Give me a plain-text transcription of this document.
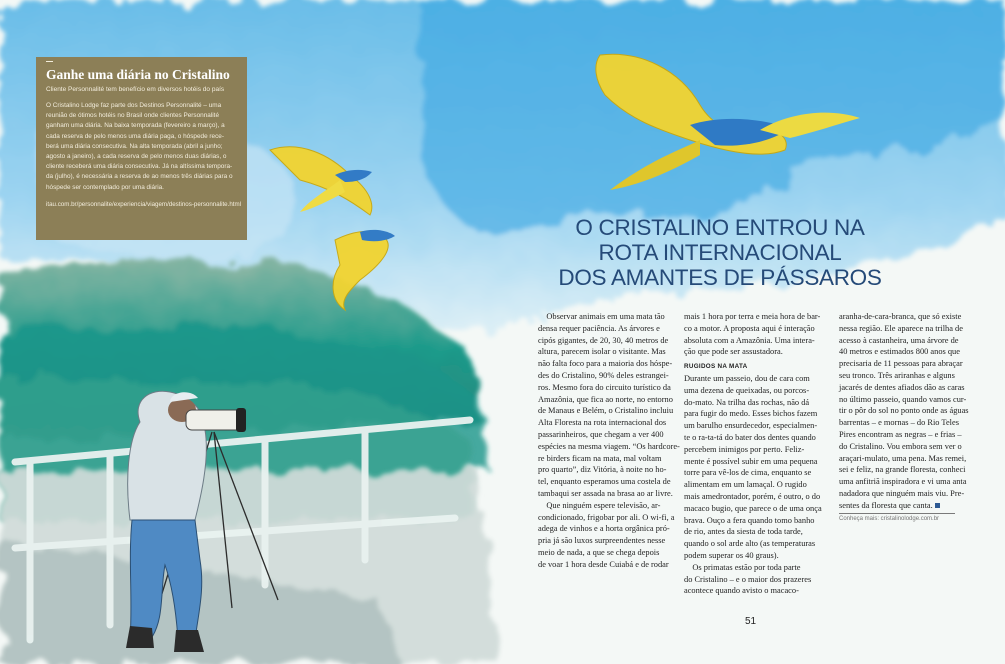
Ganhe uma diária no Cristalino
Cliente Personnalité tem benefício em diversos hotéis do país
O Cristalino Lodge faz parte dos Destinos Personnalité – uma
reunião de ótimos hotéis no Brasil onde clientes Personnalité
ganham uma diária. Na baixa temporada (fevereiro a março), a
cada reserva de pelo menos uma diária paga, o hóspede rece-
berá uma diária consecutiva. Na alta temporada (abril a junho;
agosto a janeiro), a cada reserva de pelo menos duas diárias, o
cliente receberá uma diária consecutiva. Já na altíssima tempora-
da (julho), é necessária a reserva de ao menos três diárias para o
hóspede ser contemplado por uma diária.
itau.com.br/personnalite/experiencia/viagem/destinos-personnalite.html
O CRISTALINO ENTROU NA
ROTA INTERNACIONAL
DOS AMANTES DE PÁSSAROS
Observar animais em uma mata tão
densa requer paciência. As árvores e
cipós gigantes, de 20, 30, 40 metros de
altura, parecem isolar o visitante. Mas
não falta foco para a maioria dos hóspe-
des do Cristalino, 90% deles estrangei-
ros. Mesmo fora do circuito turístico da
Amazônia, que fica ao norte, no entorno
de Manaus e Belém, o Cristalino incluiu
Alta Floresta na rota internacional dos
passarinheiros, que chegam a ver 400
espécies na mesma viagem. “Os hardcore-
re birders ficam na mata, mal voltam
pro quarto”, diz Vitória, à noite no ho-
tel, enquanto esperamos uma costela de
tambaqui ser assada na brasa ao ar livre.
Que ninguém espere televisão, ar-
condicionado, frigobar por ali. O wi-fi, a
adega de vinhos e a horta orgânica pró-
pria já são luxos surpreendentes nesse
meio de nada, a que se chega depois
de voar 1 hora desde Cuiabá e de rodar
mais 1 hora por terra e meia hora de bar-
co a motor. A proposta aqui é interação
absoluta com a Amazônia. Uma intera-
ção que pode ser assustadora.
RUGIDOS NA MATA
Durante um passeio, dou de cara com
uma dezena de queixadas, ou porcos-
do-mato. Na trilha das rochas, não dá
para fugir do medo. Esses bichos fazem
um barulho ensurdecedor, especialmen-
te o ra-ta-tá do bater dos dentes quando
percebem inimigos por perto. Feliz-
mente é possível subir em uma pequena
torre para vê-los de cima, enquanto se
alimentam em um lamaçal. O rugido
mais amedrontador, porém, é outro, o do
macaco bugio, que parece o de uma onça
brava. Ouço a fera quando tomo banho
de rio, antes da siesta de toda tarde,
quando o sol arde alto (as temperaturas
podem superar os 40 graus).
Os primatas estão por toda parte
do Cristalino – e o maior dos prazeres
acontece quando avisto o macaco-
aranha-de-cara-branca, que só existe
nessa região. Ele aparece na trilha de
acesso à castanheira, uma árvore de
40 metros e estimados 800 anos que
precisaria de 11 pessoas para abraçar
seu tronco. Três ariranhas e alguns
jacarés de dentes afiados dão as caras
no último passeio, quando vamos cur-
tir o pôr do sol no ponto onde as águas
barrentas – e mornas – do Rio Teles
Pires encontram as negras – e frias –
do Cristalino. Vou embora sem ver o
araçari-mulato, uma pena. Mas remei,
sei e feliz, na grande floresta, conheci
uma anfitriã inspiradora e vi uma anta
nadadora que ninguém mais viu. Pre-
sentes da floresta que canta.
Conheça mais: cristalinolodge.com.br
51
